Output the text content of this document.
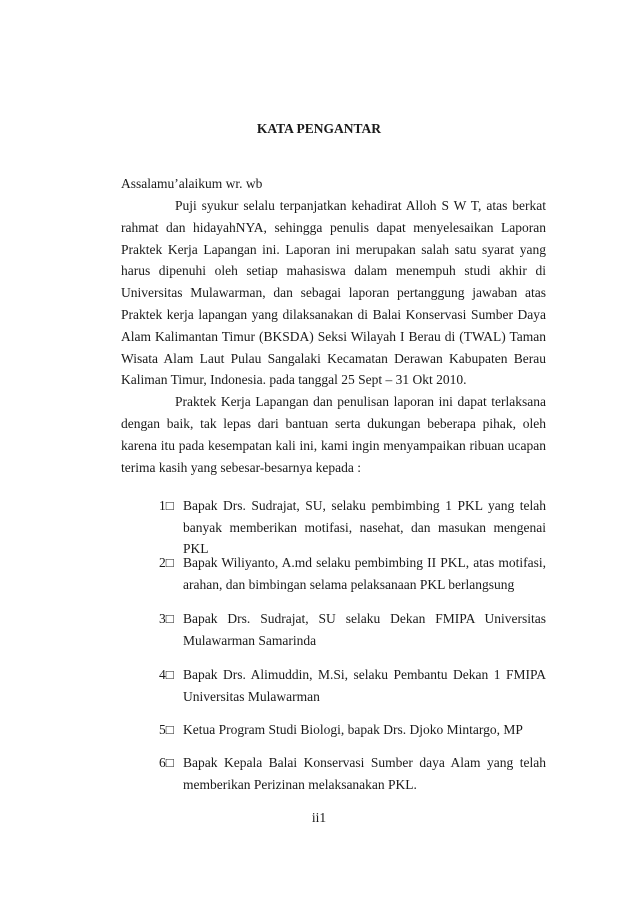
KATA PENGANTAR
Assalamu’alaikum wr. wb

Puji syukur selalu terpanjatkan kehadirat Alloh S W T, atas berkat rahmat dan hidayahNYA, sehingga penulis dapat menyelesaikan Laporan Praktek Kerja Lapangan ini. Laporan ini merupakan salah satu syarat yang harus dipenuhi oleh setiap mahasiswa dalam menempuh studi akhir di Universitas Mulawarman, dan sebagai laporan pertanggung jawaban atas Praktek kerja lapangan yang dilaksanakan di Balai Konservasi Sumber Daya Alam Kalimantan Timur (BKSDA) Seksi Wilayah I Berau di (TWAL) Taman Wisata Alam Laut Pulau Sangalaki Kecamatan Derawan Kabupaten Berau Kaliman Timur, Indonesia. pada tanggal 25 Sept – 31 Okt 2010.

Praktek Kerja Lapangan dan penulisan laporan ini dapat terlaksana dengan baik, tak lepas dari bantuan serta dukungan beberapa pihak, oleh karena itu pada kesempatan kali ini, kami ingin menyampaikan ribuan ucapan terima kasih yang sebesar-besarnya kepada :

1□ Bapak Drs. Sudrajat, SU, selaku pembimbing 1 PKL yang telah banyak memberikan motifasi, nasehat, dan masukan mengenai PKL
2□ Bapak Wiliyanto, A.md selaku pembimbing II PKL, atas motifasi, arahan, dan bimbingan selama pelaksanaan PKL berlangsung
3□ Bapak Drs. Sudrajat, SU selaku Dekan FMIPA Universitas Mulawarman Samarinda
4□ Bapak Drs. Alimuddin, M.Si, selaku Pembantu Dekan 1 FMIPA Universitas Mulawarman
5□ Ketua Program Studi Biologi, bapak Drs. Djoko Mintargo, MP
6□ Bapak Kepala Balai Konservasi Sumber daya Alam yang telah memberikan Perizinan melaksanakan PKL.
ii1
